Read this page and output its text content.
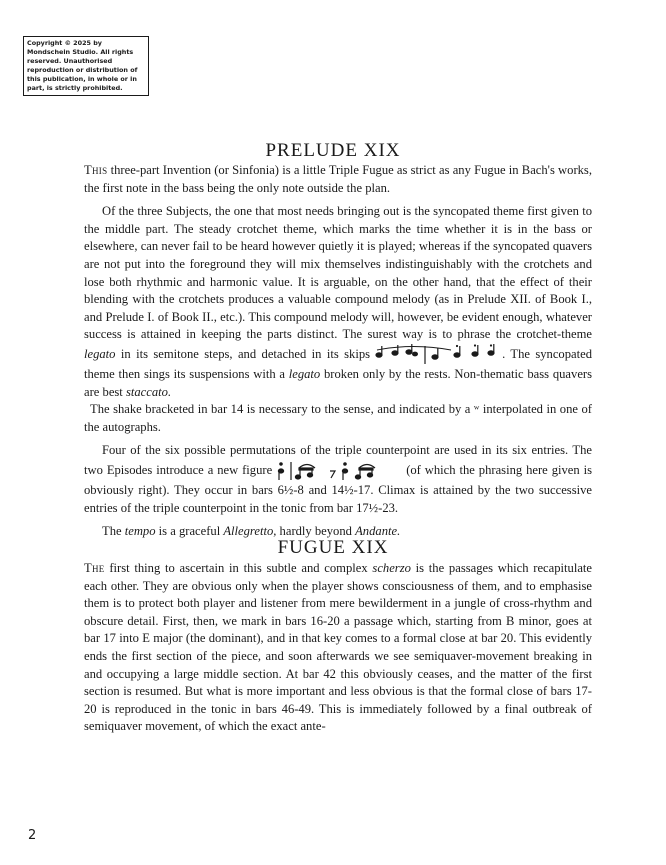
Copyright © 2025 by Mondschein Studio. All rights reserved. Unauthorised reproduction or distribution of this publication, in whole or in part, is strictly prohibited.
PRELUDE XIX

This three-part Invention (or Sinfonia) is a little Triple Fugue as strict as any Fugue in Bach's works, the first note in the bass being the only note outside the plan.

Of the three Subjects, the one that most needs bringing out is the syncopated theme first given to the middle part. The steady crotchet theme, which marks the time whether it is in the bass or elsewhere, can never fail to be heard however quietly it is played; whereas if the syncopated quavers are not put into the foreground they will mix themselves indistinguishably with the crotchets and lose both rhythmic and harmonic value. It is arguable, on the other hand, that the effect of their blending with the crotchets produces a valuable compound melody (as in Prelude XII. of Book I., and Prelude I. of Book II., etc.). This compound melody will, however, be evident enough, whatever success is attained in keeping the parts distinct. The surest way is to phrase the crotchet-theme legato in its semitone steps, and detached in its skips	. The syncopated theme then sings its suspensions with a legato broken only by the rests. Non-thematic bass quavers are best staccato.

The shake bracketed in bar 14 is necessary to the sense, and indicated by a ʷ interpolated in one of the autographs.

Four of the six possible permutations of the triple counterpoint are used in its six entries. The two Episodes introduce a new figure	(of which the phrasing here given is obviously right). They occur in bars 6½-8 and 14½-17. Climax is attained by the two successive entries of the triple counterpoint in the tonic from bar 17½-23.

The tempo is a graceful Allegretto, hardly beyond Andante.

FUGUE XIX

The first thing to ascertain in this subtle and complex scherzo is the passages which recapitulate each other. They are obvious only when the player shows consciousness of them, and to emphasise them is to protect both player and listener from mere bewilderment in a jungle of cross-rhythm and obscure detail. First, then, we mark in bars 16-20 a passage which, starting from B minor, goes at bar 17 into E major (the dominant), and in that key comes to a formal close at bar 20. This evidently ends the first section of the piece, and soon afterwards we see semiquaver-movement breaking in and occupying a large middle section. At bar 42 this obviously ceases, and the matter of the first section is resumed. But what is more important and less obvious is that the formal close of bars 17-20 is reproduced in the tonic in bars 46-49. This is immediately followed by a final outbreak of semiquaver movement, of which the exact ante-

2
